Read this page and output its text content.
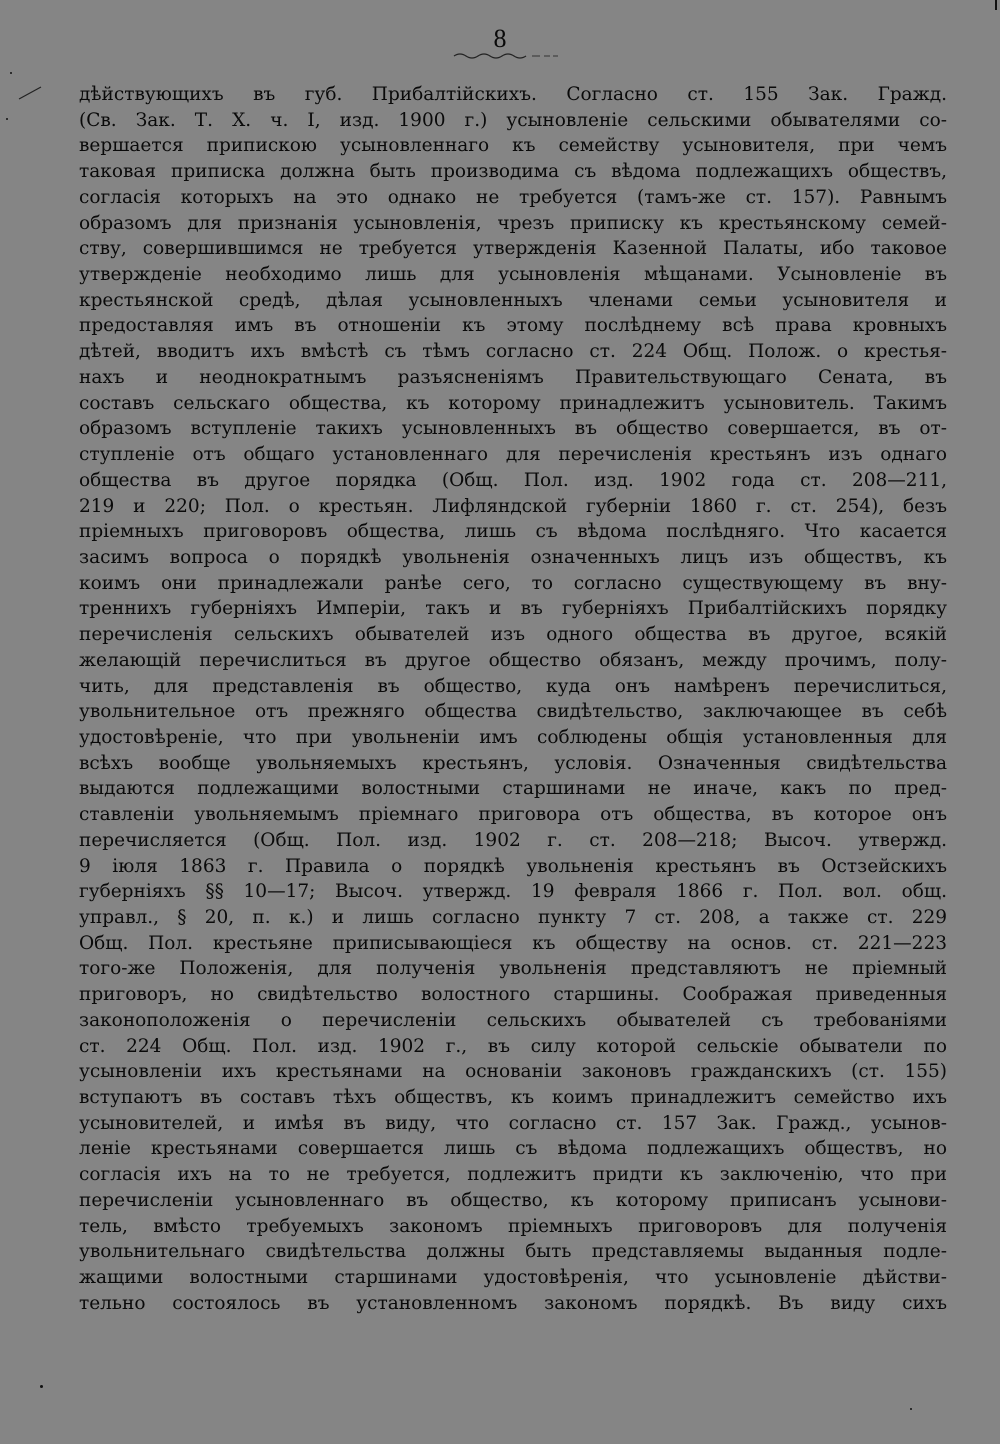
8
дѣйствующихъ въ губ. Прибалтійскихъ. Согласно ст. 155 Зак. Гражд.
(Св. Зак. Т. X. ч. I, изд. 1900 г.) усыновленіе сельскими обывателями со-
вершается припискою усыновленнаго къ семейству усыновителя, при чемъ
таковая приписка должна быть производима съ вѣдома подлежащихъ обществъ,
согласія которыхъ на это однако не требуется (тамъ-же ст. 157). Равнымъ
образомъ для признанія усыновленія, чрезъ приписку къ крестьянскому семей-
ству, совершившимся не требуется утвержденія Казенной Палаты, ибо таковое
утвержденіе необходимо лишь для усыновленія мѣщанами. Усыновленіе въ
крестьянской средѣ, дѣлая усыновленныхъ членами семьи усыновителя и
предоставляя имъ въ отношеніи къ этому послѣднему всѣ права кровныхъ
дѣтей, вводитъ ихъ вмѣстѣ съ тѣмъ согласно ст. 224 Общ. Полож. о крестья-
нахъ и неоднократнымъ разъясненіямъ Правительствующаго Сената, въ
составъ сельскаго общества, къ которому принадлежитъ усыновитель. Такимъ
образомъ вступленіе такихъ усыновленныхъ въ общество совершается, въ от-
ступленіе отъ общаго установленнаго для перечисленія крестьянъ изъ однаго
общества въ другое порядка (Общ. Пол. изд. 1902 года ст. 208—211,
219 и 220; Пол. о крестьян. Лифляндской губерніи 1860 г. ст. 254), безъ
пріемныхъ приговоровъ общества, лишь съ вѣдома послѣдняго. Что касается
засимъ вопроса о порядкѣ увольненія означенныхъ лицъ изъ обществъ, къ
коимъ они принадлежали ранѣе сего, то согласно существующему въ вну-
треннихъ губерніяхъ Имперіи, такъ и въ губерніяхъ Прибалтійскихъ порядку
перечисленія сельскихъ обывателей изъ одного общества въ другое, всякій
желающій перечислиться въ другое общество обязанъ, между прочимъ, полу-
чить, для представленія въ общество, куда онъ намѣренъ перечислиться,
увольнительное отъ прежняго общества свидѣтельство, заключающее въ себѣ
удостовѣреніе, что при увольненіи имъ соблюдены общія установленныя для
всѣхъ вообще увольняемыхъ крестьянъ, условія. Означенныя свидѣтельства
выдаются подлежащими волостными старшинами не иначе, какъ по пред-
ставленіи увольняемымъ пріемнаго приговора отъ общества, въ которое онъ
перечисляется (Общ. Пол. изд. 1902 г. ст. 208—218; Высоч. утвержд.
9 іюля 1863 г. Правила о порядкѣ увольненія крестьянъ въ Остзейскихъ
губерніяхъ §§ 10—17; Высоч. утвержд. 19 февраля 1866 г. Пол. вол. общ.
управл., § 20, п. к.) и лишь согласно пункту 7 ст. 208, а также ст. 229
Общ. Пол. крестьяне приписывающіеся къ обществу на основ. ст. 221—223
того-же Положенія, для полученія увольненія представляютъ не пріемный
приговоръ, но свидѣтельство волостного старшины. Соображая приведенныя
законоположенія о перечисленіи сельскихъ обывателей съ требованіями
ст. 224 Общ. Пол. изд. 1902 г., въ силу которой сельскіе обыватели по
усыновленіи ихъ крестьянами на основаніи законовъ гражданскихъ (ст. 155)
вступаютъ въ составъ тѣхъ обществъ, къ коимъ принадлежитъ семейство ихъ
усыновителей, и имѣя въ виду, что согласно ст. 157 Зак. Гражд., усынов-
леніе крестьянами совершается лишь съ вѣдома подлежащихъ обществъ, но
согласія ихъ на то не требуется, подлежитъ придти къ заключенію, что при
перечисленіи усыновленнаго въ общество, къ которому приписанъ усынови-
тель, вмѣсто требуемыхъ закономъ пріемныхъ приговоровъ для полученія
увольнительнаго свидѣтельства должны быть представляемы выданныя подле-
жащими волостными старшинами удостовѣренія, что усыновленіе дѣйстви-
тельно состоялось въ установленномъ закономъ порядкѣ. Въ виду сихъ
